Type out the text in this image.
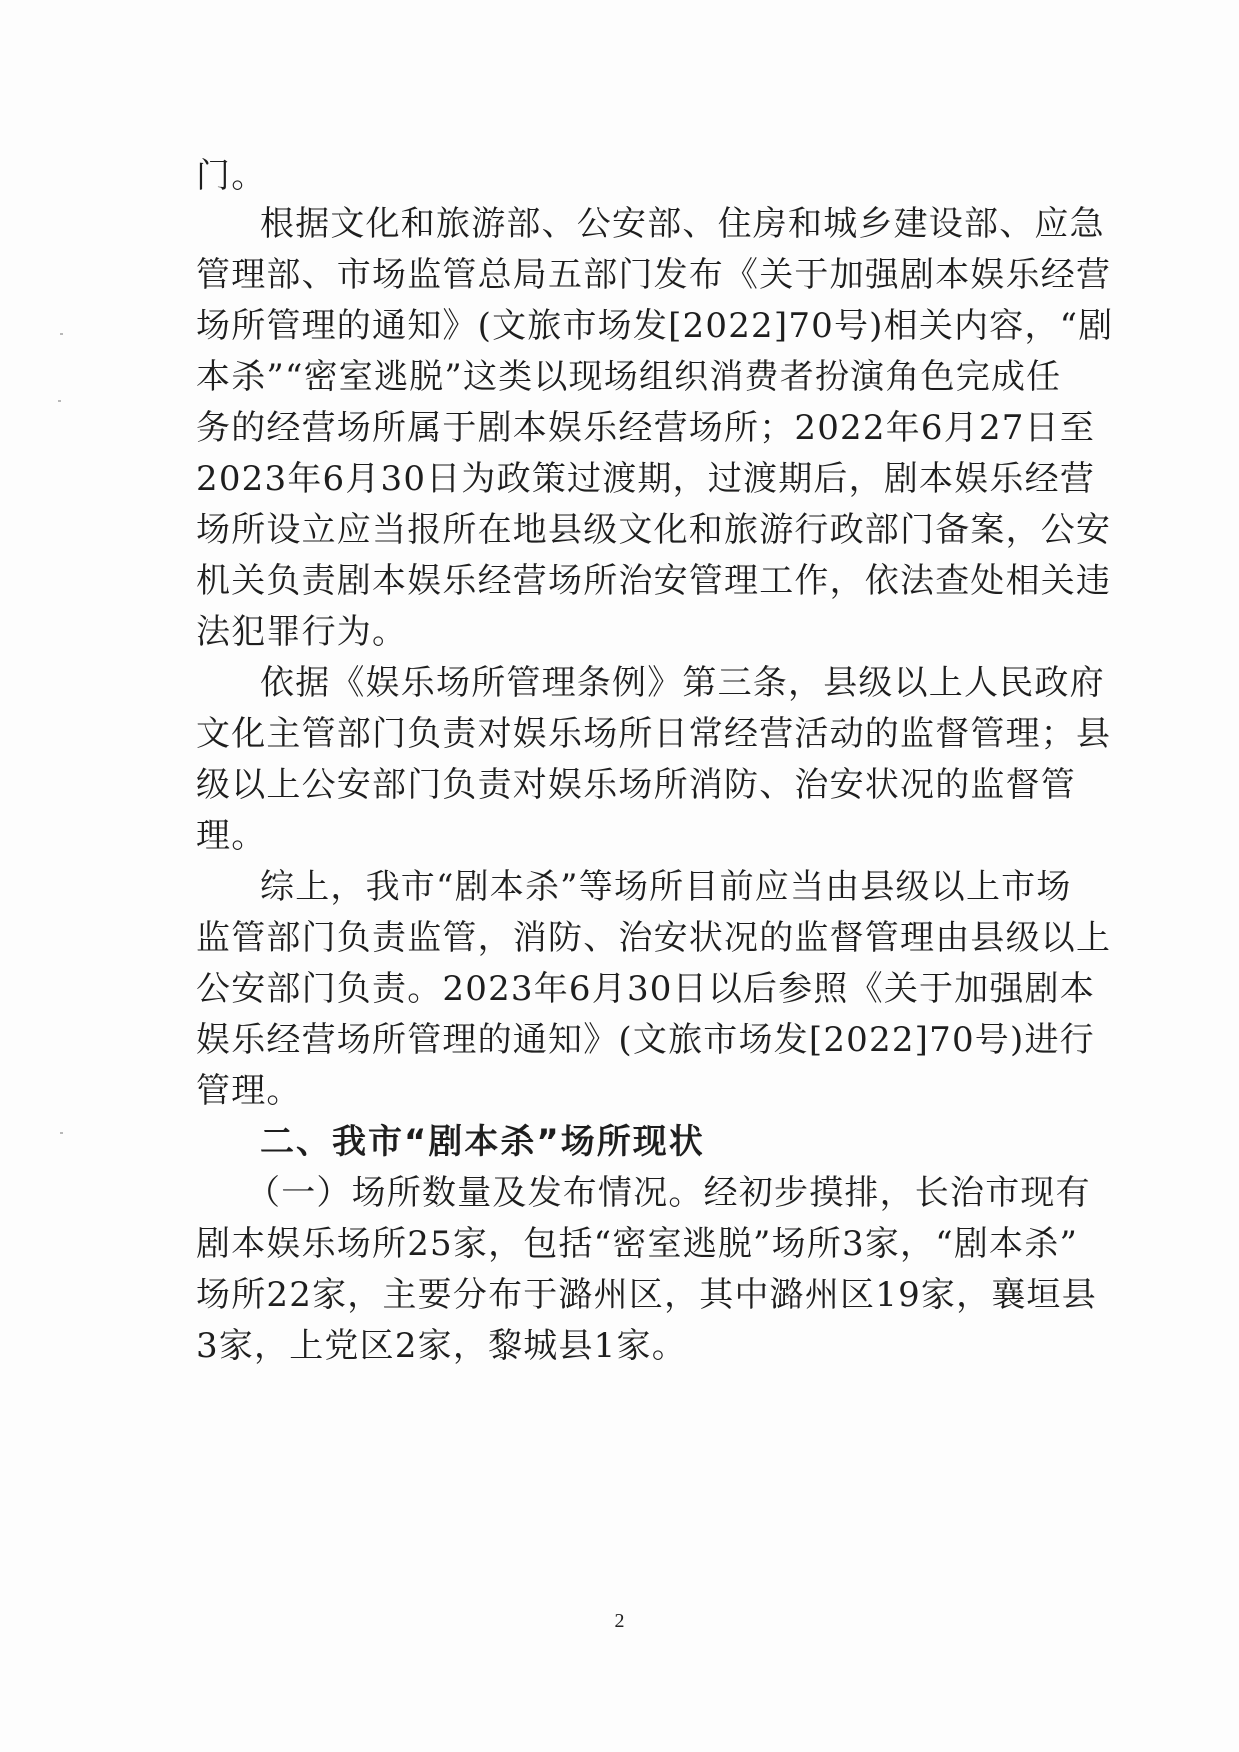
门。
根据文化和旅游部、公安部、住房和城乡建设部、应急
管理部、市场监管总局五部门发布《关于加强剧本娱乐经营
场所管理的通知》(文旅市场发[2022]70号)相关内容，“剧
本杀”“密室逃脱”这类以现场组织消费者扮演角色完成任
务的经营场所属于剧本娱乐经营场所；2022年6月27日至
2023年6月30日为政策过渡期，过渡期后，剧本娱乐经营
场所设立应当报所在地县级文化和旅游行政部门备案，公安
机关负责剧本娱乐经营场所治安管理工作，依法查处相关违
法犯罪行为。
依据《娱乐场所管理条例》第三条，县级以上人民政府
文化主管部门负责对娱乐场所日常经营活动的监督管理；县
级以上公安部门负责对娱乐场所消防、治安状况的监督管
理。
综上，我市“剧本杀”等场所目前应当由县级以上市场
监管部门负责监管，消防、治安状况的监督管理由县级以上
公安部门负责。2023年6月30日以后参照《关于加强剧本
娱乐经营场所管理的通知》(文旅市场发[2022]70号)进行
管理。
二、我市“剧本杀”场所现状
（一）场所数量及发布情况。经初步摸排，长治市现有
剧本娱乐场所25家，包括“密室逃脱”场所3家，“剧本杀”
场所22家，主要分布于潞州区，其中潞州区19家，襄垣县
3家，上党区2家，黎城县1家。
2
